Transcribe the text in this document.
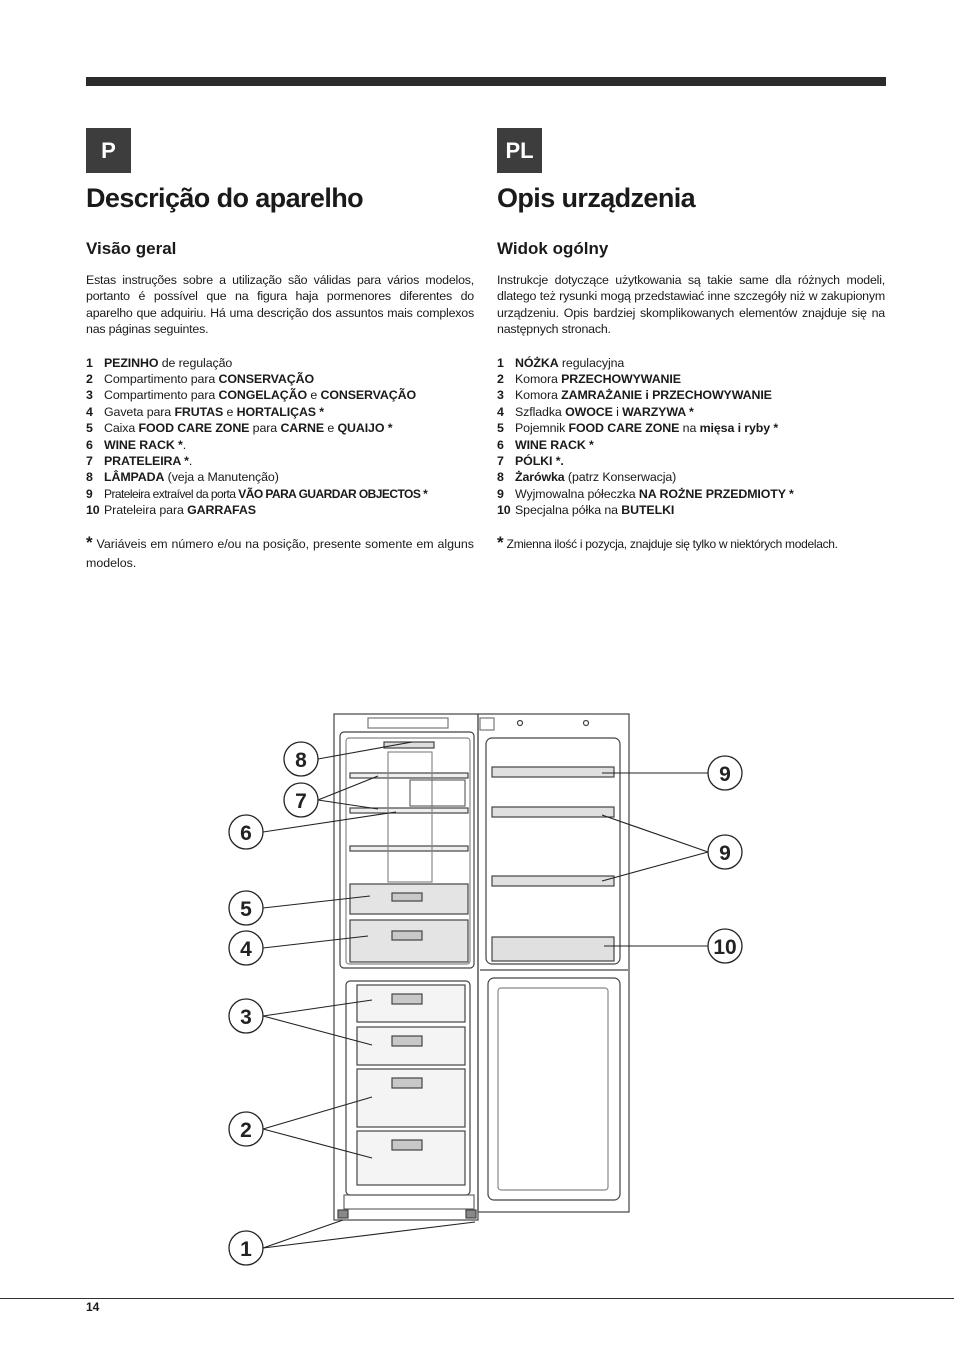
P
Descrição do aparelho
Visão geral

Estas instruções sobre a utilização são válidas para vários modelos, portanto é possível que na figura haja pormenores diferentes do aparelho que adquiriu. Há uma descrição dos assuntos mais complexos nas páginas seguintes.

1 PEZINHO de regulação
2 Compartimento para CONSERVAÇÃO
3 Compartimento para CONGELAÇÃO e CONSERVAÇÃO
4 Gaveta para FRUTAS e HORTALIÇAS *
5 Caixa FOOD CARE ZONE para CARNE e QUAIJO *
6 WINE RACK *.
7 PRATELEIRA *.
8 LÂMPADA (veja a Manutenção)
9 Prateleira extraível da porta VÃO PARA GUARDAR OBJECTOS *
10 Prateleira para GARRAFAS

* Variáveis em número e/ou na posição, presente somente em alguns modelos.

PL
Opis urządzenia
Widok ogólny

Instrukcje dotyczące użytkowania są takie same dla różnych modeli, dlatego też rysunki mogą przedstawiać inne szczegóły niż w zakupionym urządzeniu. Opis bardziej skomplikowanych elementów znajduje się na następnych stronach.

1 NÓŻKA regulacyjna
2 Komora PRZECHOWYWANIE
3 Komora ZAMRAŻANIE i PRZECHOWYWANIE
4 Szfladka OWOCE i WARZYWA *
5 Pojemnik FOOD CARE ZONE na mięsa i ryby *
6 WINE RACK *
7 PÓLKI *.
8 Żarówka (patrz Konserwacja)
9 Wyjmowalna półeczka NA ROŻNE PRZEDMIOTY *
10 Specjalna półka na BUTELKI

* Zmienna ilość i pozycja, znajduje się tylko w niektórych modelach.

8
7
6
5
4
3
2
1
9
9
10
14
